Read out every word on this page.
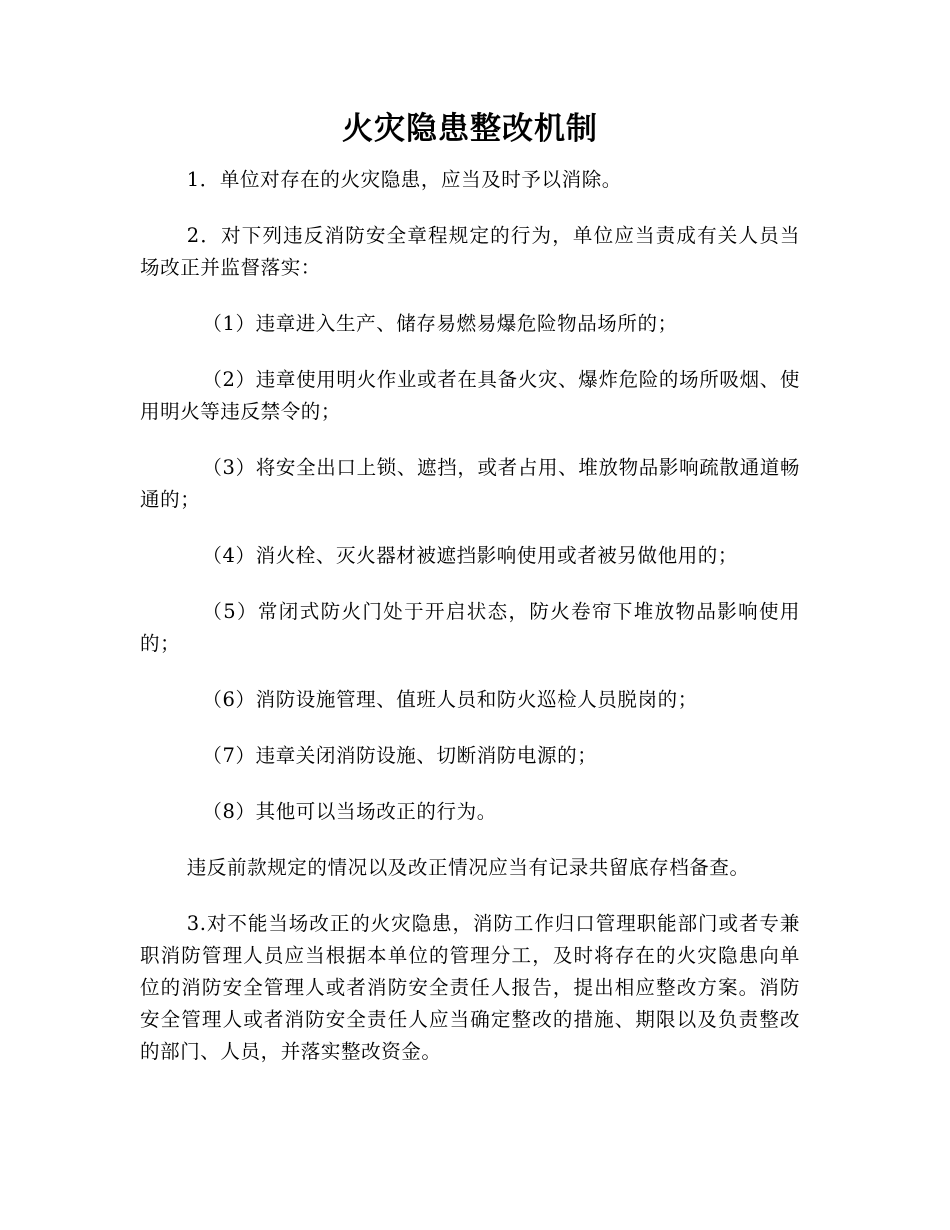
火灾隐患整改机制

1．单位对存在的火灾隐患，应当及时予以消除。

2．对下列违反消防安全章程规定的行为，单位应当责成有关人员当场改正并监督落实：

（1）违章进入生产、储存易燃易爆危险物品场所的；

（2）违章使用明火作业或者在具备火灾、爆炸危险的场所吸烟、使用明火等违反禁令的；

（3）将安全出口上锁、遮挡，或者占用、堆放物品影响疏散通道畅通的；

（4）消火栓、灭火器材被遮挡影响使用或者被另做他用的；

（5）常闭式防火门处于开启状态，防火卷帘下堆放物品影响使用的；

（6）消防设施管理、值班人员和防火巡检人员脱岗的；

（7）违章关闭消防设施、切断消防电源的；

（8）其他可以当场改正的行为。

违反前款规定的情况以及改正情况应当有记录共留底存档备查。

3.对不能当场改正的火灾隐患，消防工作归口管理职能部门或者专兼职消防管理人员应当根据本单位的管理分工，及时将存在的火灾隐患向单位的消防安全管理人或者消防安全责任人报告，提出相应整改方案。消防安全管理人或者消防安全责任人应当确定整改的措施、期限以及负责整改的部门、人员，并落实整改资金。
